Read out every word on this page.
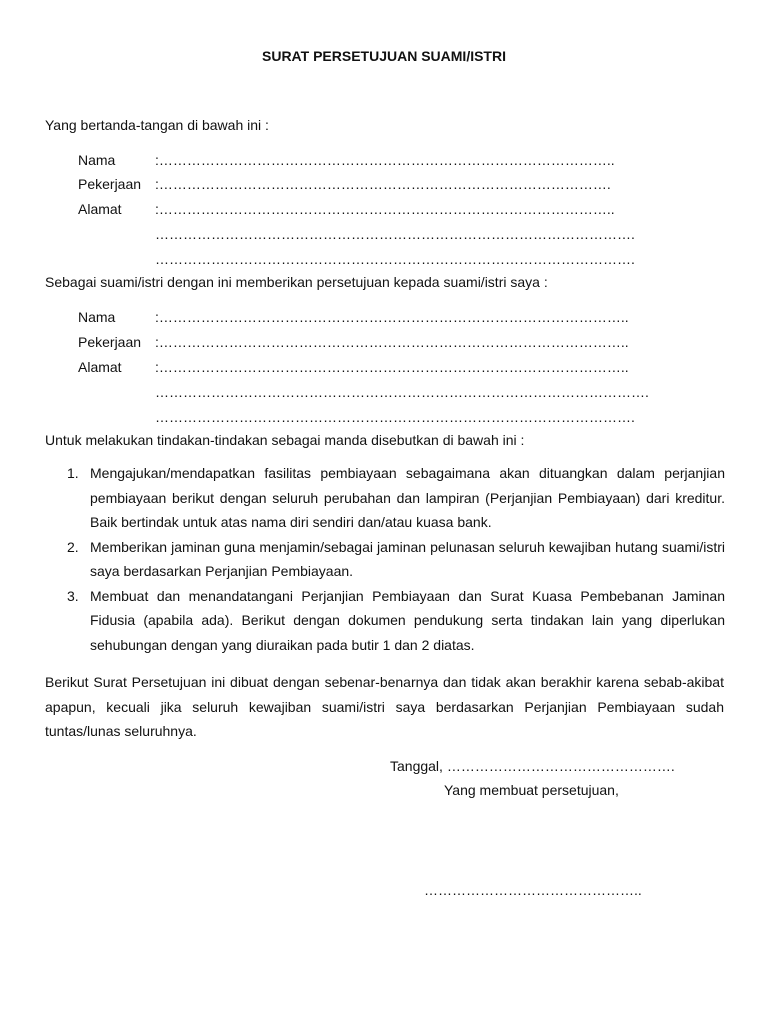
SURAT PERSETUJUAN SUAMI/ISTRI
Yang bertanda-tangan di bawah ini :
Nama	:……………………………………………………………………………………..
Pekerjaan :…………………………………………………………………………………….
Alamat :……………………………………………………………………………………..
………………………………………………………………………………………….
………………………………………………………………………………………….
Sebagai suami/istri dengan ini memberikan persetujuan kepada suami/istri saya :
Nama	:………………………………………………………………………………………..
Pekerjaan :………………………………………………………………………………………..
Alamat :………………………………………………………………………………………..
…………………………………………………………………………………………….
………………………………………………………………………………………….
Untuk melakukan tindakan-tindakan sebagai manda disebutkan di bawah ini :
1. Mengajukan/mendapatkan fasilitas pembiayaan sebagaimana akan dituangkan dalam perjanjian pembiayaan berikut dengan seluruh perubahan dan lampiran (Perjanjian Pembiayaan) dari kreditur. Baik bertindak untuk atas nama diri sendiri dan/atau kuasa bank.
2. Memberikan jaminan guna menjamin/sebagai jaminan pelunasan seluruh kewajiban hutang suami/istri saya berdasarkan Perjanjian Pembiayaan.
3. Membuat dan menandatangani Perjanjian Pembiayaan dan Surat Kuasa Pembebanan Jaminan Fidusia (apabila ada). Berikut dengan dokumen pendukung serta tindakan lain yang diperlukan sehubungan dengan yang diuraikan pada butir 1 dan 2 diatas.
Berikut Surat Persetujuan ini dibuat dengan sebenar-benarnya dan tidak akan berakhir karena sebab-akibat apapun, kecuali jika seluruh kewajiban suami/istri saya berdasarkan Perjanjian Pembiayaan sudah tuntas/lunas seluruhnya.
Tanggal, ………………………………………….
Yang membuat persetujuan,
………………………………………..
